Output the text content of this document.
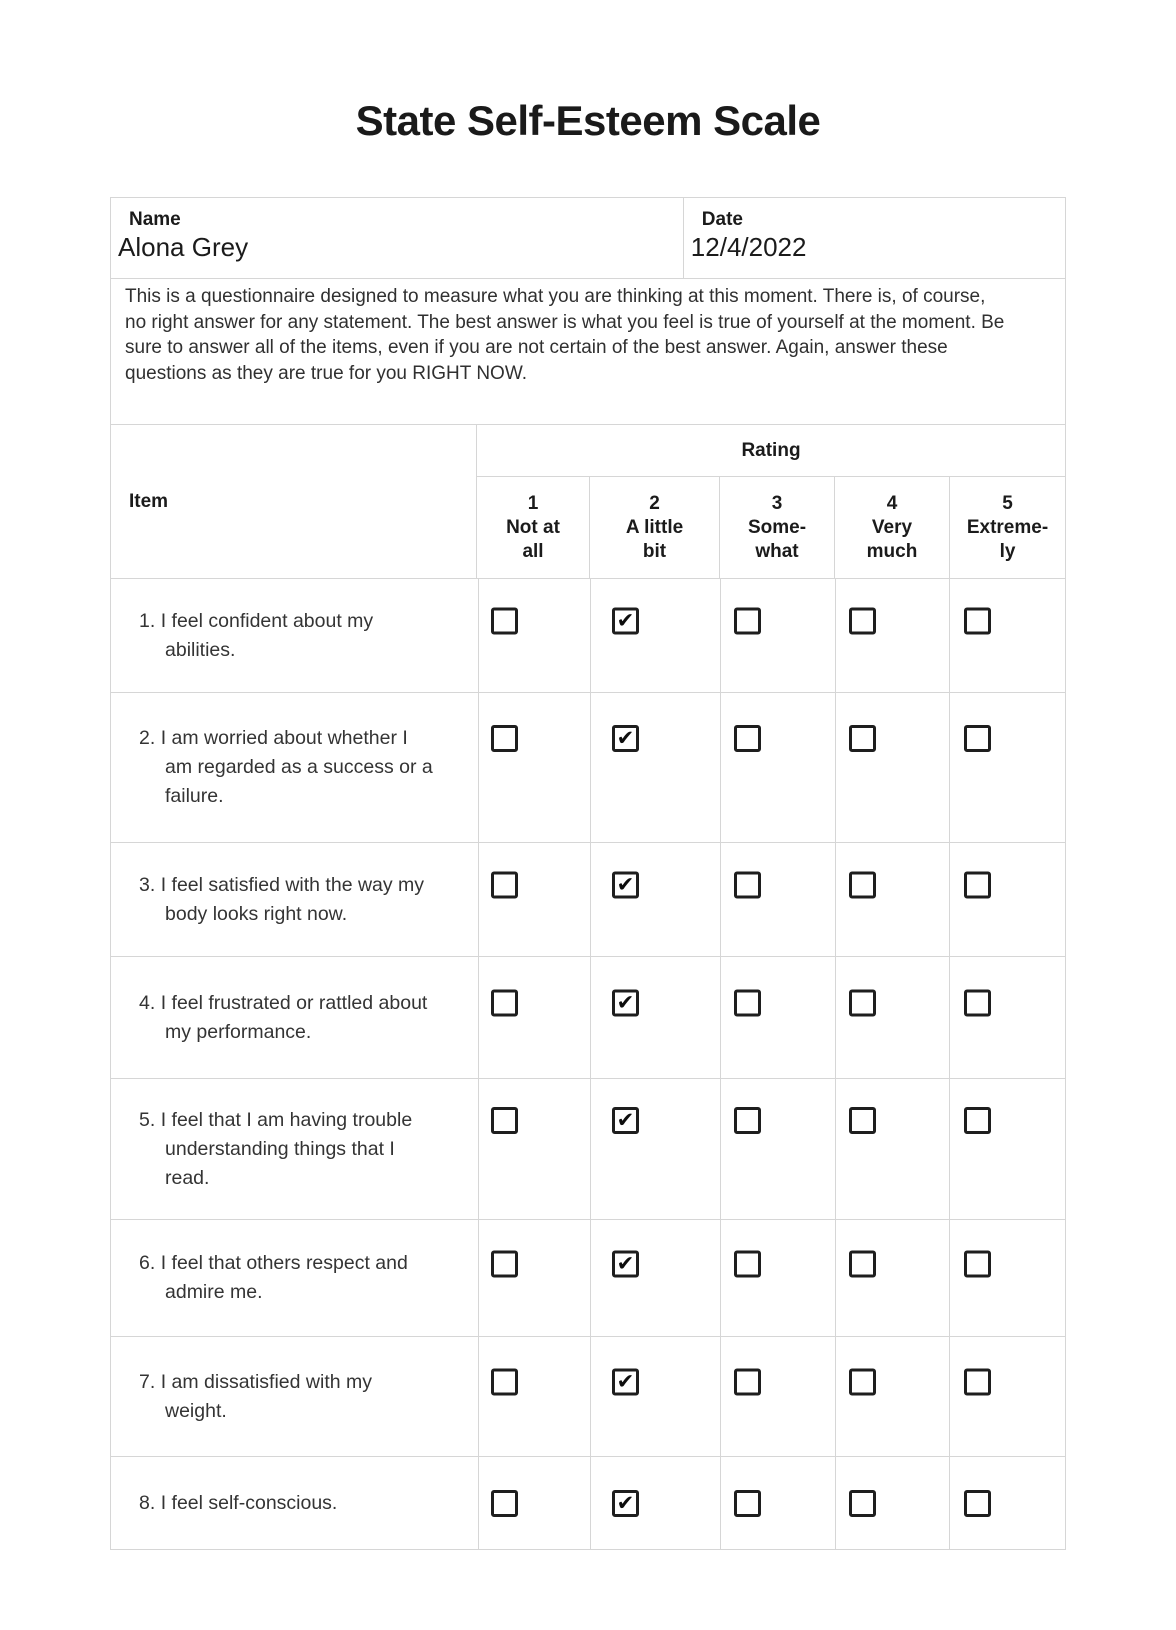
State Self-Esteem Scale
Name
Alona Grey
Date
12/4/2022
This is a questionnaire designed to measure what you are thinking at this moment. There is, of course, no right answer for any statement. The best answer is what you feel is true of yourself at the moment. Be sure to answer all of the items, even if you are not certain of the best answer. Again, answer these questions as they are true for you RIGHT NOW.
Item
Rating
1
Not at
all
2
A little
bit
3
Some-
what
4
Very
much
5
Extreme-
ly

1. I feel confident about my abilities.

✔

2. I am worried about whether I am regarded as a success or a failure.

✔

3. I feel satisfied with the way my body looks right now.

✔

4. I feel frustrated or rattled about my performance.

✔

5. I feel that I am having trouble understanding things that I read.

✔

6. I feel that others respect and admire me.

✔

7. I am dissatisfied with my weight.

✔

8. I feel self-conscious.	✔
